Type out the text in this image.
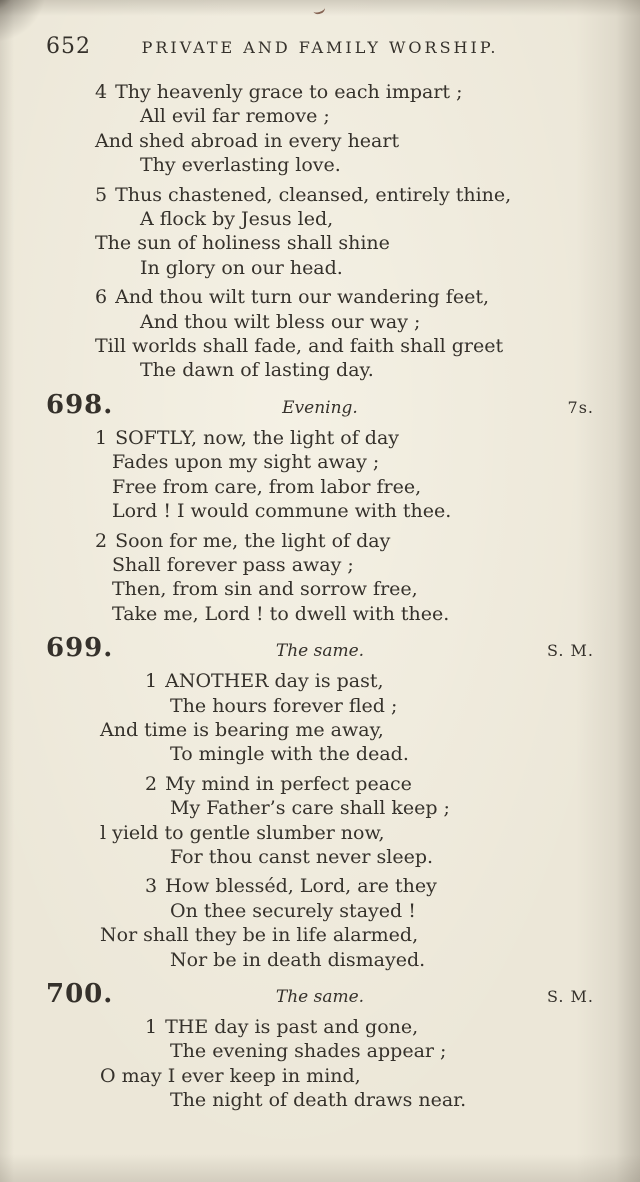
652	PRIVATE AND FAMILY WORSHIP.
4 Thy heavenly grace to each impart ;
All evil far remove ;
And shed abroad in every heart
Thy everlasting love.
5 Thus chastened, cleansed, entirely thine,
A flock by Jesus led,
The sun of holiness shall shine
In glory on our head.
6 And thou wilt turn our wandering feet,
And thou wilt bless our way ;
Till worlds shall fade, and faith shall greet
The dawn of lasting day.
698.	Evening.	7s.
1 SOFTLY, now, the light of day
Fades upon my sight away ;
Free from care, from labor free,
Lord ! I would commune with thee.
2 Soon for me, the light of day
Shall forever pass away ;
Then, from sin and sorrow free,
Take me, Lord ! to dwell with thee.
699.	The same.	S. M.
1 ANOTHER day is past,
The hours forever fled ;
And time is bearing me away,
To mingle with the dead.
2 My mind in perfect peace
My Father’s care shall keep ;
l yield to gentle slumber now,
For thou canst never sleep.
3 How blesséd, Lord, are they
On thee securely stayed !
Nor shall they be in life alarmed,
Nor be in death dismayed.
700.	The same.	S. M.
1 THE day is past and gone,
The evening shades appear ;
O may I ever keep in mind,
The night of death draws near.
